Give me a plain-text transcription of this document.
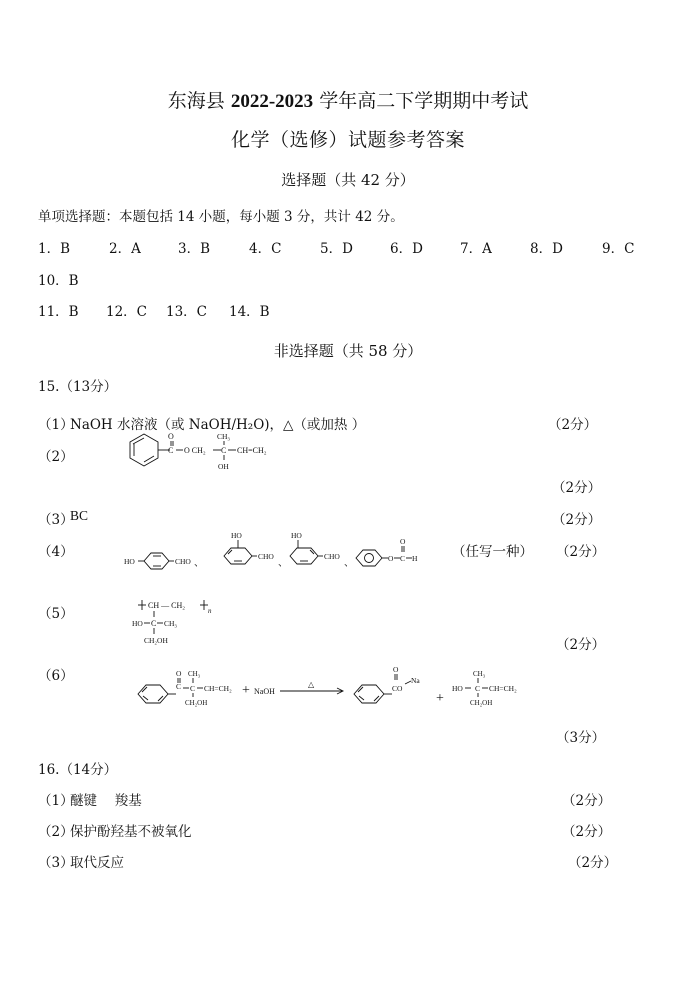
东海县 2022-2023 学年高二下学期期中考试
化学（选修）试题参考答案
选择题（共 42 分）
单项选择题：本题包括 14 小题，每小题 3 分，共计 42 分。
1．B	2．A	3．B	4．C	5．D	6．D	7．A	8．D	9．C
10．B
11．B 12．C 13．C 14．B
非选择题（共 58 分）
15.（13分）
（1）
NaOH 水溶液（或 NaOH/H₂O)，△（或加热 ）	（2分）
（2）
O
C O CH₂ C
CH₃
OH
CH=CH₂
（2分）
（3）
BC	（2分）
（4）
HO	CHO 、
HO
CHO
、
HO
CHO
、	O C
O
H	（任写一种） （2分）
（5）
CH — CH₂
n
HO C CH₃
CH₂OH	（2分）
（6）	O
C
CH₃
C CH=CH₂
CH₂OH
+ NaOH
△
O
CO
Na
+
CH₃
HO C CH=CH₂
CH₂OH
（3分）
16.（14分）
（1）
醚键　 羧基	（2分）
（2）
保护酚羟基不被氧化	（2分）
（3）
取代反应	（2分）
